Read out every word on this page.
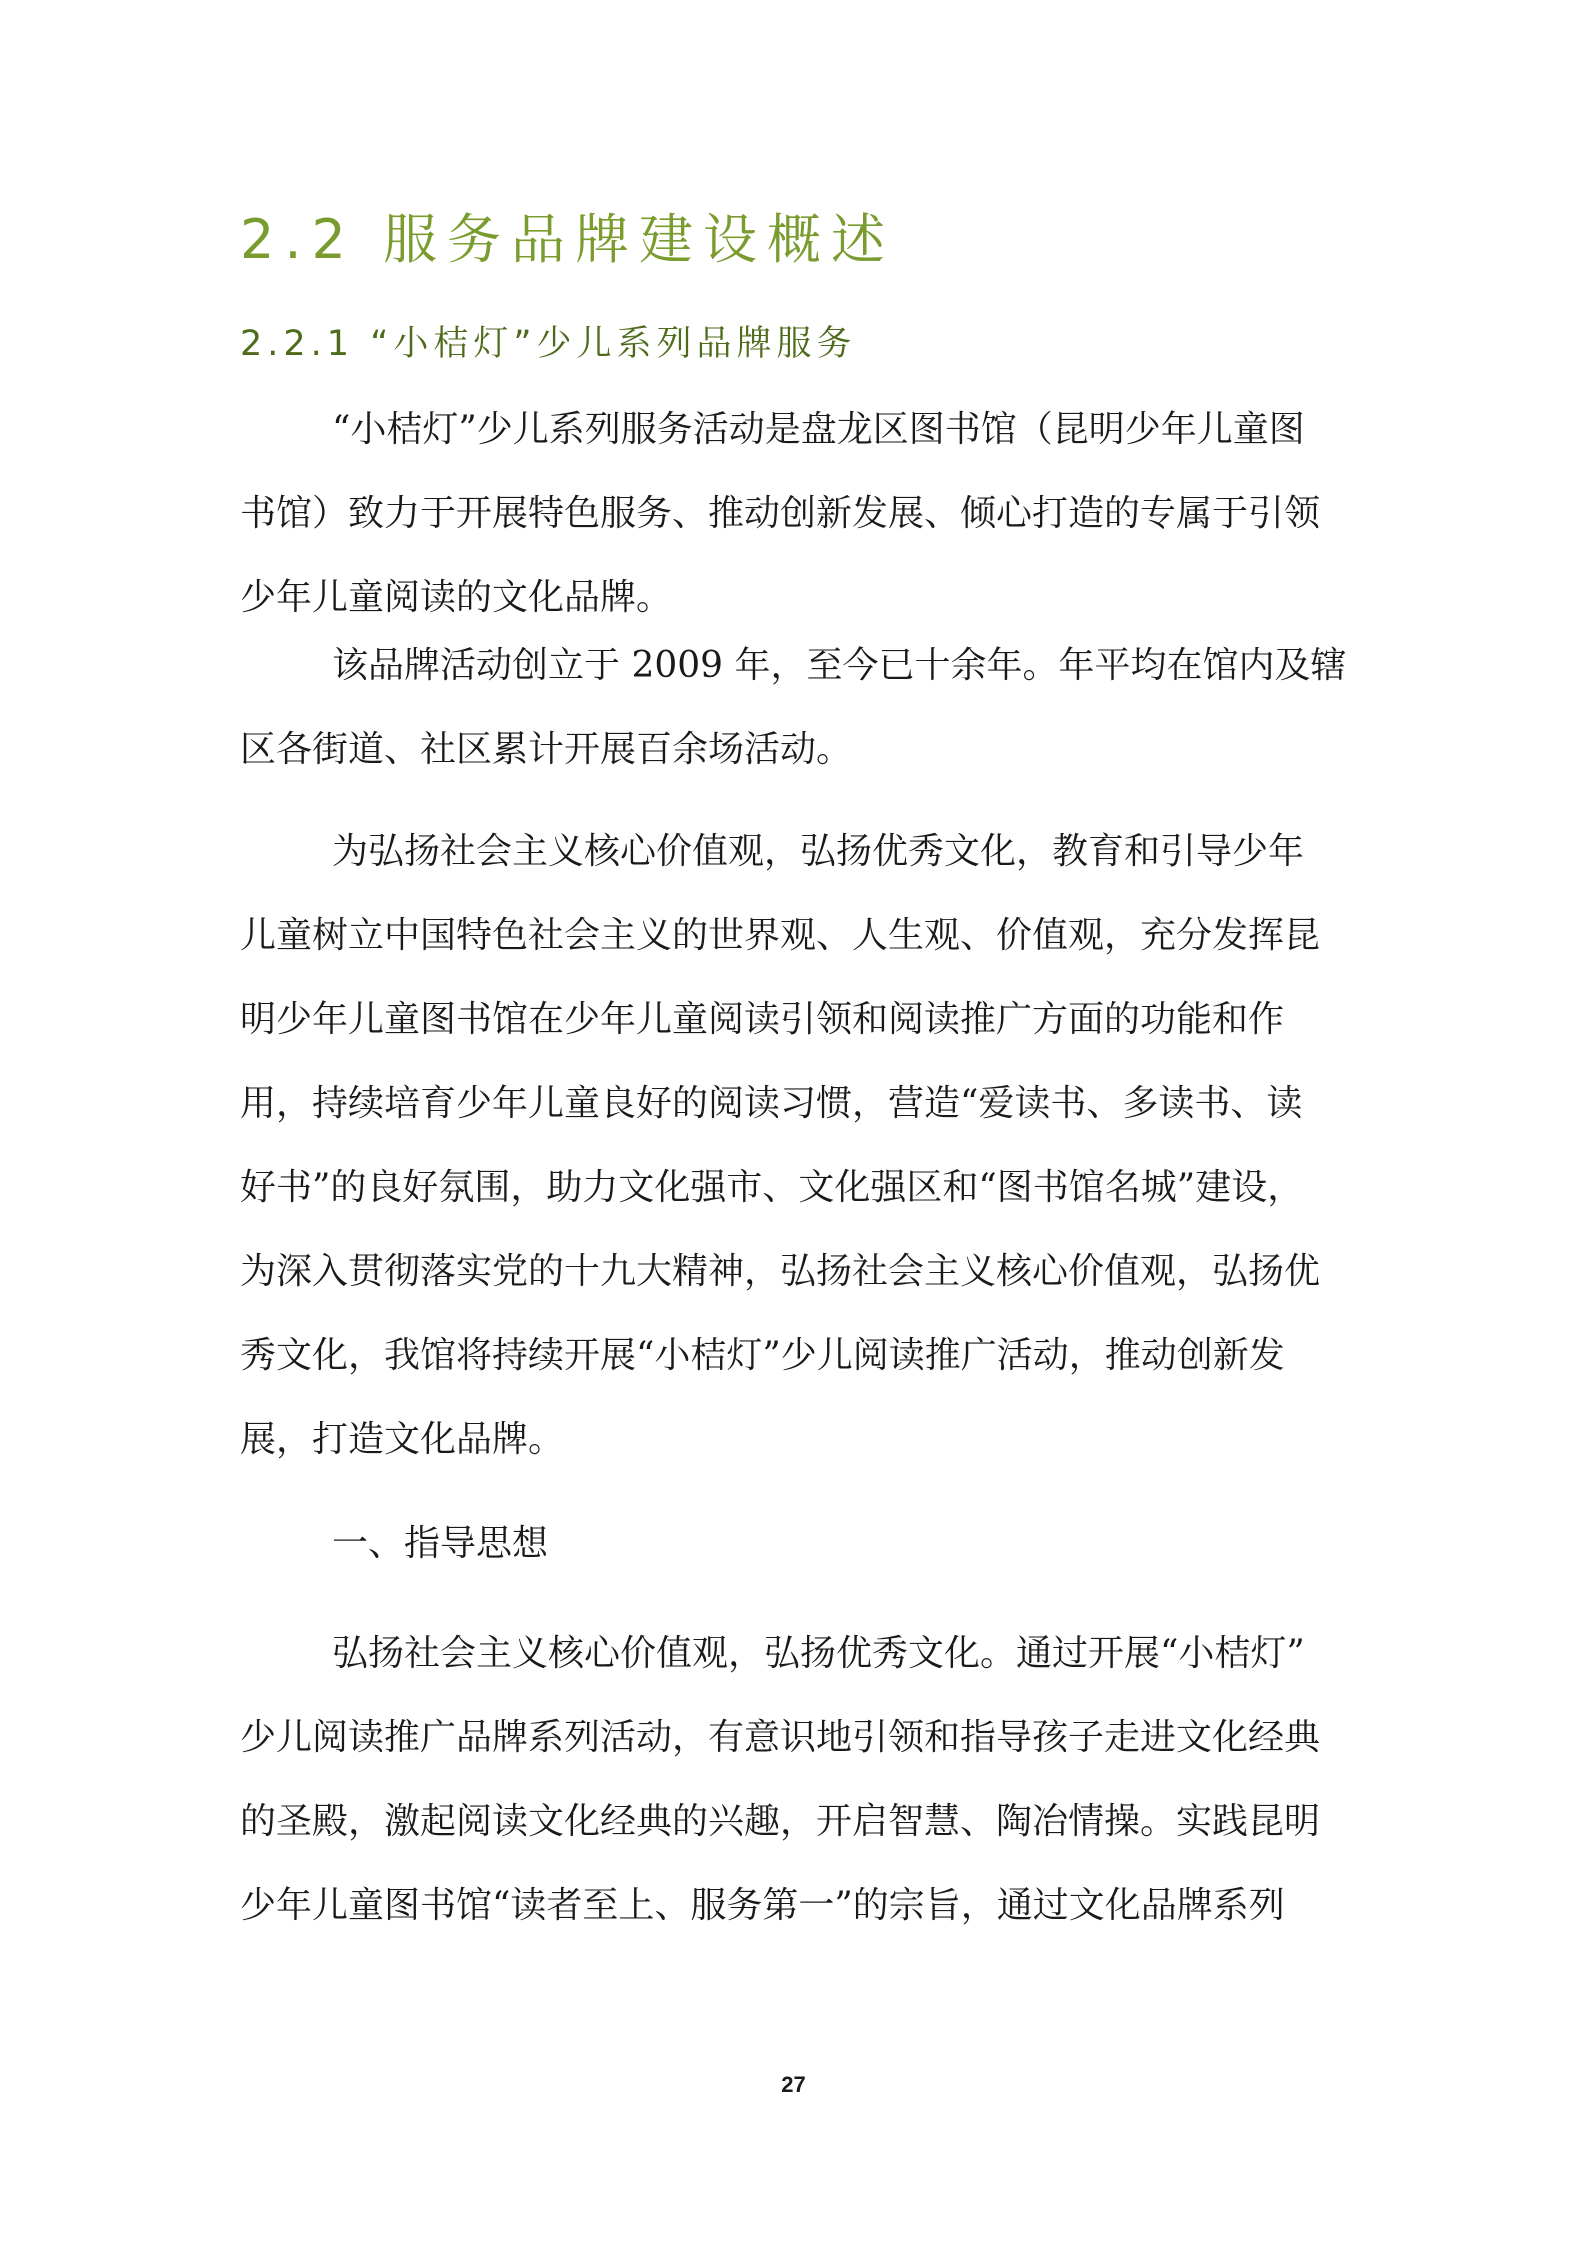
2.2 服务品牌建设概述
2.2.1 “小桔灯”少儿系列品牌服务

“小桔灯”少儿系列服务活动是盘龙区图书馆（昆明少年儿童图
书馆）致力于开展特色服务、推动创新发展、倾心打造的专属于引领
少年儿童阅读的文化品牌。

该品牌活动创立于 2009 年，至今已十余年。年平均在馆内及辖
区各街道、社区累计开展百余场活动。

为弘扬社会主义核心价值观，弘扬优秀文化，教育和引导少年
儿童树立中国特色社会主义的世界观、人生观、价值观，充分发挥昆
明少年儿童图书馆在少年儿童阅读引领和阅读推广方面的功能和作
用，持续培育少年儿童良好的阅读习惯，营造“爱读书、多读书、读
好书”的良好氛围，助力文化强市、文化强区和“图书馆名城”建设，
为深入贯彻落实党的十九大精神，弘扬社会主义核心价值观，弘扬优
秀文化，我馆将持续开展“小桔灯”少儿阅读推广活动，推动创新发
展，打造文化品牌。

一、指导思想

弘扬社会主义核心价值观，弘扬优秀文化。通过开展“小桔灯”
少儿阅读推广品牌系列活动，有意识地引领和指导孩子走进文化经典
的圣殿，激起阅读文化经典的兴趣，开启智慧、陶冶情操。实践昆明
少年儿童图书馆“读者至上、服务第一”的宗旨，通过文化品牌系列

27
